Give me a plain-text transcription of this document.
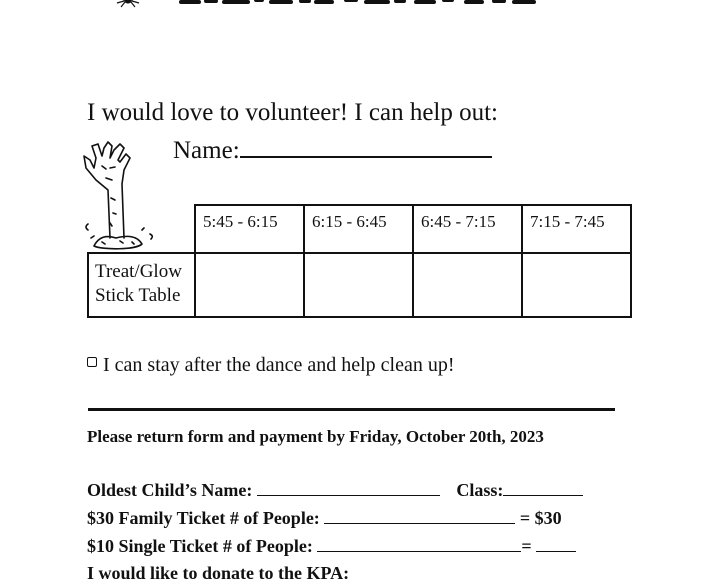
I would love to volunteer! I can help out:
Name:
	5:45 - 6:15	6:15 - 6:45	6:45 - 7:15	7:15 - 7:45
Treat/Glow
Stick Table				
I can stay after the dance and help clean up!
Please return form and payment by Friday, October 20th, 2023
Oldest Child’s Name:	Class:
$30 Family Ticket # of People:	= $30
$10 Single Ticket # of People:	=
I would like to donate to the KPA:
